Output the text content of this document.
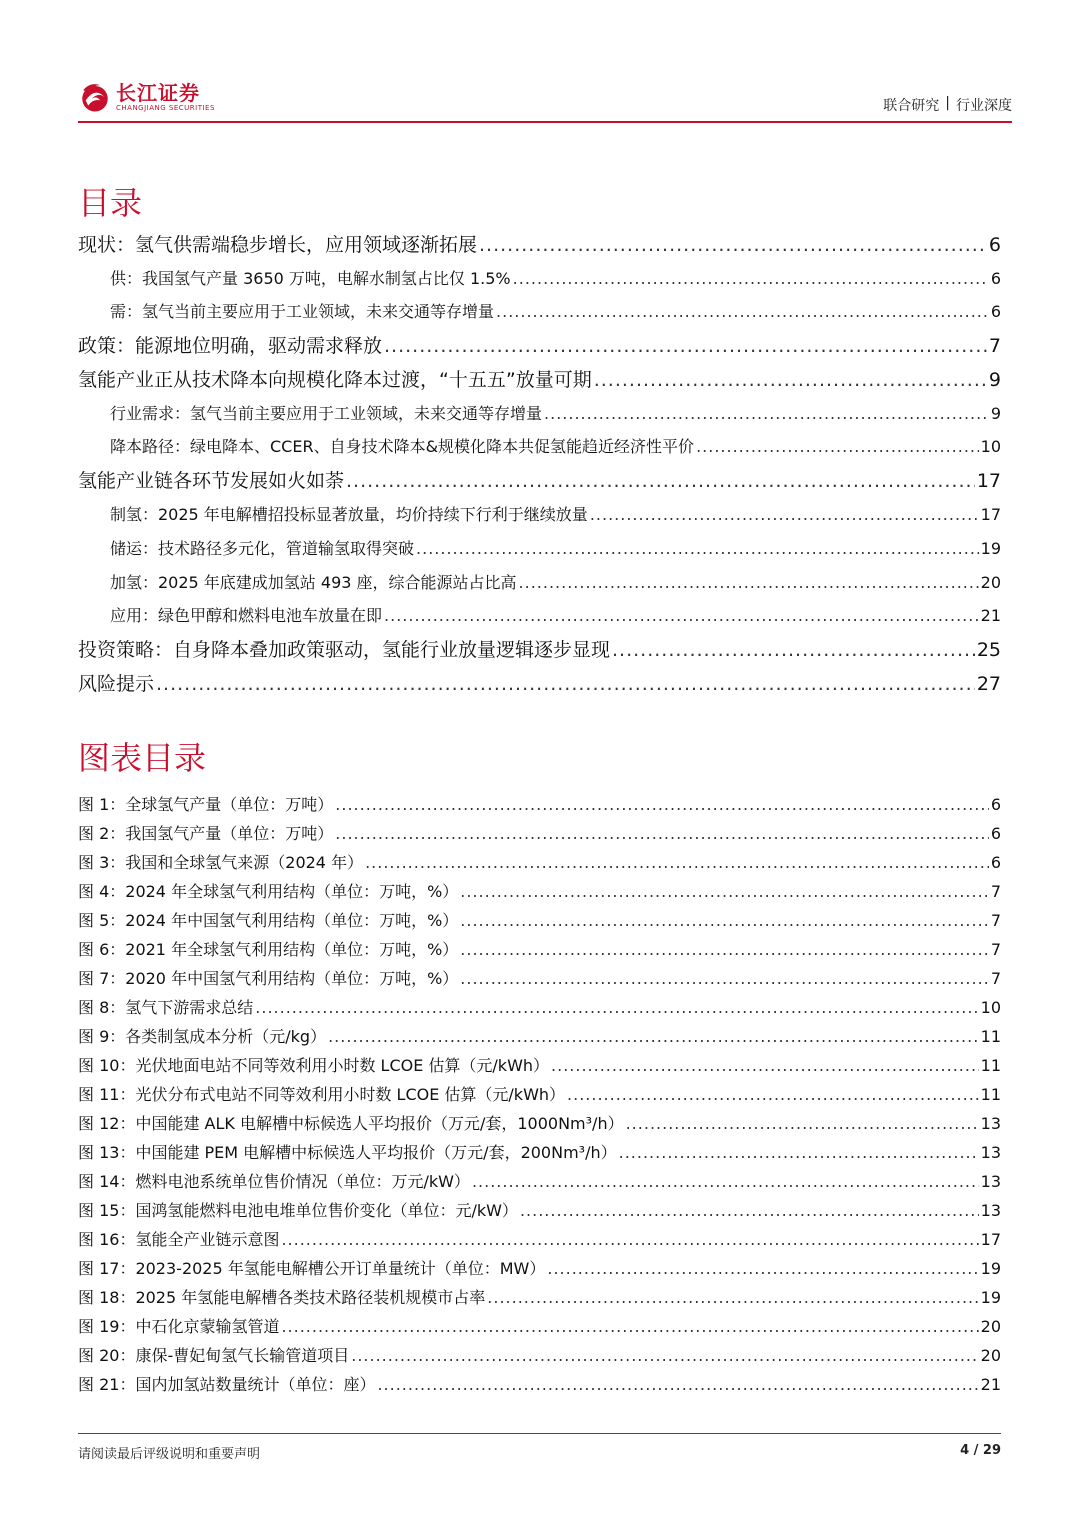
长江证券
CHANGJIANG SECURITIES	联合研究 | 行业深度
目录
现状：氢气供需端稳步增长，应用领域逐渐拓展 .....	6
供：我国氢气产量 3650 万吨，电解水制氢占比仅 1.5% .....	6
需：氢气当前主要应用于工业领域，未来交通等存增量 .....	6
政策：能源地位明确，驱动需求释放 .....	7
氢能产业正从技术降本向规模化降本过渡，“十五五”放量可期 .....	9
行业需求：氢气当前主要应用于工业领域，未来交通等存增量 .....	9
降本路径：绿电降本、CCER、自身技术降本&规模化降本共促氢能趋近经济性平价 .....	10
氢能产业链各环节发展如火如荼 .....	17
制氢：2025 年电解槽招投标显著放量，均价持续下行利于继续放量 .....	17
储运：技术路径多元化，管道输氢取得突破 .....	19
加氢：2025 年底建成加氢站 493 座，综合能源站占比高 .....	20
应用：绿色甲醇和燃料电池车放量在即 .....	21
投资策略：自身降本叠加政策驱动，氢能行业放量逻辑逐步显现 .....	25
风险提示 .....	27
图表目录
图 1：全球氢气产量（单位：万吨） .....	6
图 2：我国氢气产量（单位：万吨） .....	6
图 3：我国和全球氢气来源（2024 年） .....	6
图 4：2024 年全球氢气利用结构（单位：万吨，%） .....	7
图 5：2024 年中国氢气利用结构（单位：万吨，%） .....	7
图 6：2021 年全球氢气利用结构（单位：万吨，%） .....	7
图 7：2020 年中国氢气利用结构（单位：万吨，%） .....	7
图 8：氢气下游需求总结 .....	10
图 9：各类制氢成本分析（元/kg） .....	11
图 10：光伏地面电站不同等效利用小时数 LCOE 估算（元/kWh） .....	11
图 11：光伏分布式电站不同等效利用小时数 LCOE 估算（元/kWh） .....	11
图 12：中国能建 ALK 电解槽中标候选人平均报价（万元/套，1000Nm³/h） .....	13
图 13：中国能建 PEM 电解槽中标候选人平均报价（万元/套，200Nm³/h） .....	13
图 14：燃料电池系统单位售价情况（单位：万元/kW） .....	13
图 15：国鸿氢能燃料电池电堆单位售价变化（单位：元/kW） .....	13
图 16：氢能全产业链示意图 .....	17
图 17：2023-2025 年氢能电解槽公开订单量统计（单位：MW） .....	19
图 18：2025 年氢能电解槽各类技术路径装机规模市占率 .....	19
图 19：中石化京蒙输氢管道 .....	20
图 20：康保-曹妃甸氢气长输管道项目 .....	20
图 21：国内加氢站数量统计（单位：座） .....	21
请阅读最后评级说明和重要声明	4 / 29
